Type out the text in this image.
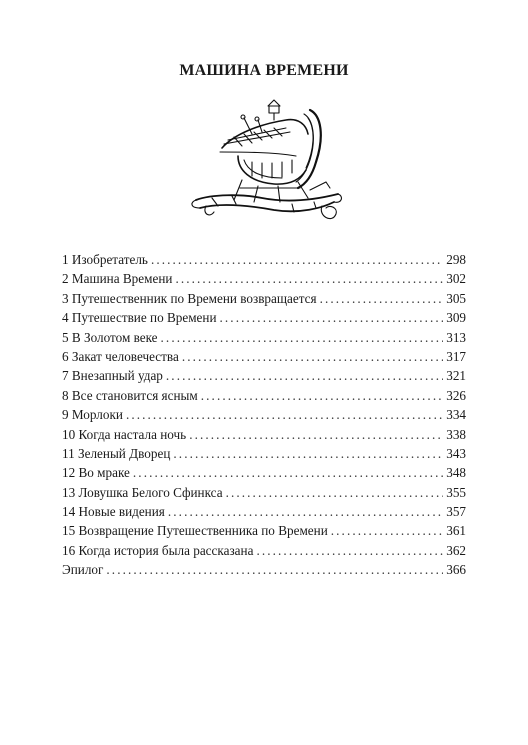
МАШИНА ВРЕМЕНИ
1 Изобретатель .....	298
2 Машина Времени .....	302
3 Путешественник по Времени возвращается .....	305
4 Путешествие по Времени .....	309
5 В Золотом веке .....	313
6 Закат человечества .....	317
7 Внезапный удар .....	321
8 Все становится ясным .....	326
9 Морлоки .....	334
10 Когда настала ночь .....	338
11 Зеленый Дворец .....	343
12 Во мраке .....	348
13 Ловушка Белого Сфинкса .....	355
14 Новые видения .....	357
15 Возвращение Путешественника по Времени .....	361
16 Когда история была рассказана .....	362
Эпилог .....	366
